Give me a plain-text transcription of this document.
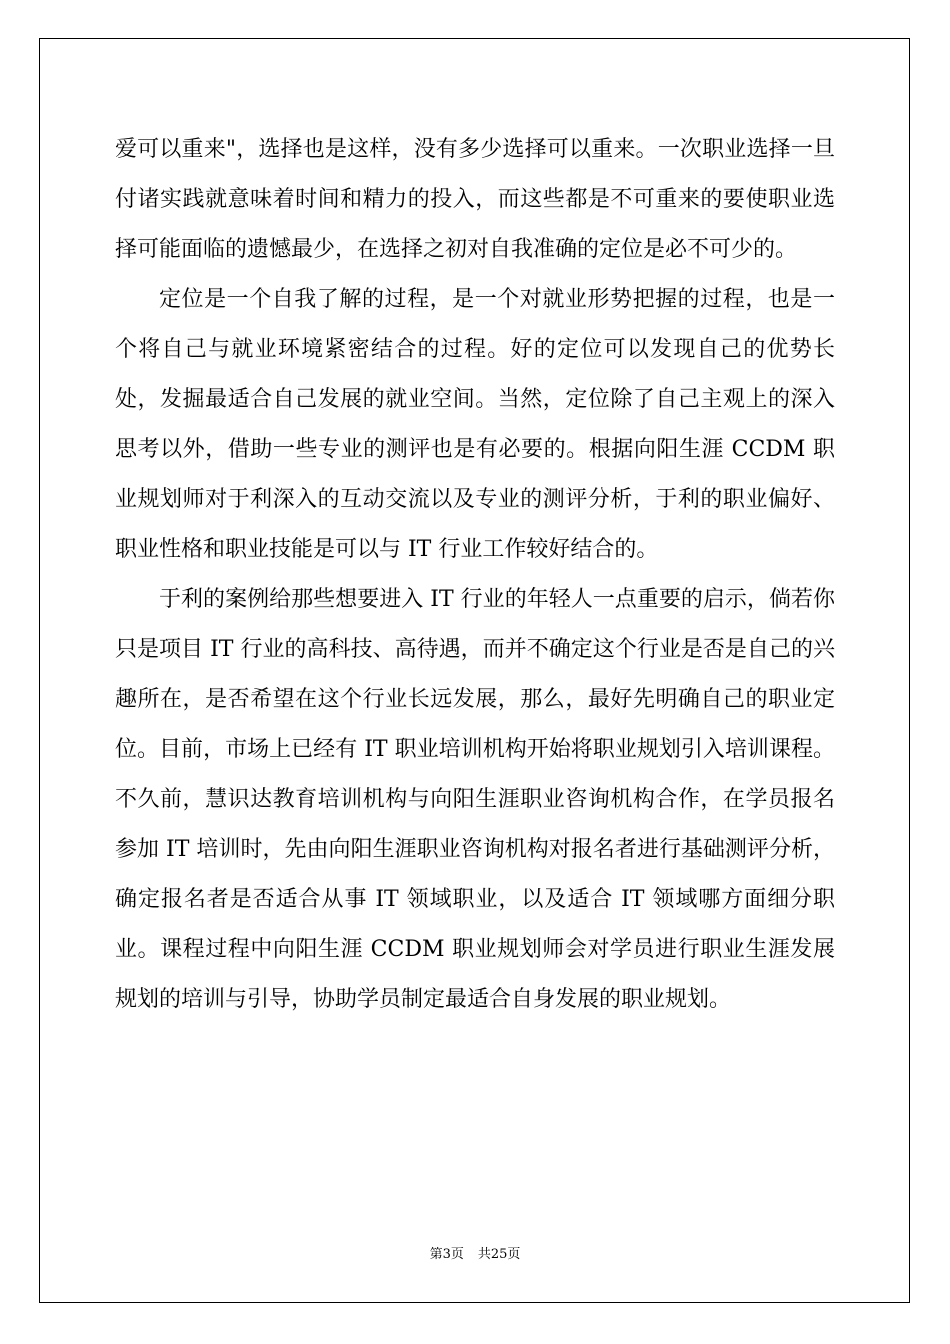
爱可以重来"，选择也是这样，没有多少选择可以重来。一次职业选择一旦付诸实践就意味着时间和精力的投入，而这些都是不可重来的要使职业选择可能面临的遗憾最少，在选择之初对自我准确的定位是必不可少的。

定位是一个自我了解的过程，是一个对就业形势把握的过程，也是一个将自己与就业环境紧密结合的过程。好的定位可以发现自己的优势长处，发掘最适合自己发展的就业空间。当然，定位除了自己主观上的深入思考以外，借助一些专业的测评也是有必要的。根据向阳生涯 CCDM 职业规划师对于利深入的互动交流以及专业的测评分析，于利的职业偏好、职业性格和职业技能是可以与 IT 行业工作较好结合的。

于利的案例给那些想要进入 IT 行业的年轻人一点重要的启示，倘若你只是项目 IT 行业的高科技、高待遇，而并不确定这个行业是否是自己的兴趣所在，是否希望在这个行业长远发展，那么，最好先明确自己的职业定位。目前，市场上已经有 IT 职业培训机构开始将职业规划引入培训课程。不久前，慧识达教育培训机构与向阳生涯职业咨询机构合作，在学员报名参加 IT 培训时，先由向阳生涯职业咨询机构对报名者进行基础测评分析，确定报名者是否适合从事 IT 领域职业，以及适合 IT 领域哪方面细分职业。课程过程中向阳生涯 CCDM 职业规划师会对学员进行职业生涯发展规划的培训与引导，协助学员制定最适合自身发展的职业规划。

第3页 共25页
